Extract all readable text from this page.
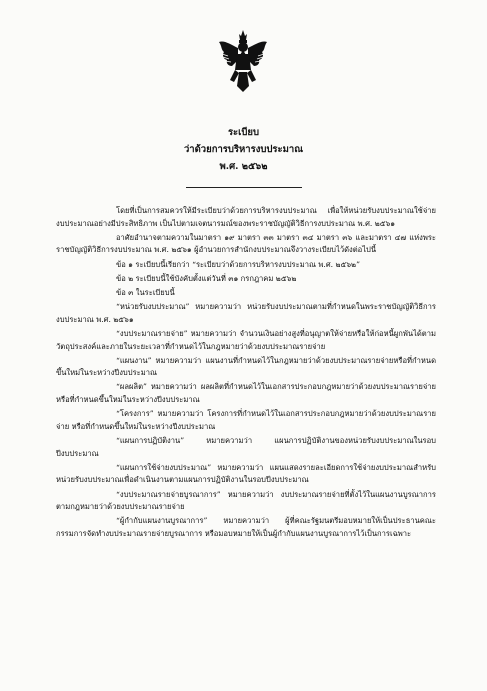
ระเบียบ
ว่าด้วยการบริหารงบประมาณ
พ.ศ. ๒๕๖๒

โดยที่เป็นการสมควรให้มีระเบียบว่าด้วยการบริหารงบประมาณ เพื่อให้หน่วยรับงบประมาณใช้จ่ายงบประมาณอย่างมีประสิทธิภาพ เป็นไปตามเจตนารมณ์ของพระราชบัญญัติวิธีการงบประมาณ พ.ศ. ๒๕๖๑

อาศัยอำนาจตามความในมาตรา ๑๙ มาตรา ๓๓ มาตรา ๓๔ มาตรา ๓๖ และมาตรา ๔๗ แห่งพระราชบัญญัติวิธีการงบประมาณ พ.ศ. ๒๕๖๑ ผู้อำนวยการสำนักงบประมาณจึงวางระเบียบไว้ดังต่อไปนี้

ข้อ ๑ ระเบียบนี้เรียกว่า “ระเบียบว่าด้วยการบริหารงบประมาณ พ.ศ. ๒๕๖๒”

ข้อ ๒ ระเบียบนี้ใช้บังคับตั้งแต่วันที่ ๓๑ กรกฎาคม ๒๕๖๒

ข้อ ๓ ในระเบียบนี้

“หน่วยรับงบประมาณ” หมายความว่า หน่วยรับงบประมาณตามที่กำหนดในพระราชบัญญัติวิธีการงบประมาณ พ.ศ. ๒๕๖๑

“งบประมาณรายจ่าย” หมายความว่า จำนวนเงินอย่างสูงที่อนุญาตให้จ่ายหรือให้ก่อหนี้ผูกพันได้ตามวัตถุประสงค์และภายในระยะเวลาที่กำหนดไว้ในกฎหมายว่าด้วยงบประมาณรายจ่าย

“แผนงาน” หมายความว่า แผนงานที่กำหนดไว้ในกฎหมายว่าด้วยงบประมาณรายจ่ายหรือที่กำหนดขึ้นใหม่ในระหว่างปีงบประมาณ

“ผลผลิต” หมายความว่า ผลผลิตที่กำหนดไว้ในเอกสารประกอบกฎหมายว่าด้วยงบประมาณรายจ่าย หรือที่กำหนดขึ้นใหม่ในระหว่างปีงบประมาณ

“โครงการ” หมายความว่า โครงการที่กำหนดไว้ในเอกสารประกอบกฎหมายว่าด้วยงบประมาณรายจ่าย หรือที่กำหนดขึ้นใหม่ในระหว่างปีงบประมาณ

“แผนการปฏิบัติงาน” หมายความว่า แผนการปฏิบัติงานของหน่วยรับงบประมาณในรอบปีงบประมาณ

“แผนการใช้จ่ายงบประมาณ” หมายความว่า แผนแสดงรายละเอียดการใช้จ่ายงบประมาณสำหรับหน่วยรับงบประมาณเพื่อดำเนินงานตามแผนการปฏิบัติงานในรอบปีงบประมาณ

“งบประมาณรายจ่ายบูรณาการ” หมายความว่า งบประมาณรายจ่ายที่ตั้งไว้ในแผนงานบูรณาการตามกฎหมายว่าด้วยงบประมาณรายจ่าย

“ผู้กำกับแผนงานบูรณาการ” หมายความว่า ผู้ที่คณะรัฐมนตรีมอบหมายให้เป็นประธานคณะกรรมการจัดทำงบประมาณรายจ่ายบูรณาการ หรือมอบหมายให้เป็นผู้กำกับแผนงานบูรณาการไว้เป็นการเฉพาะ
